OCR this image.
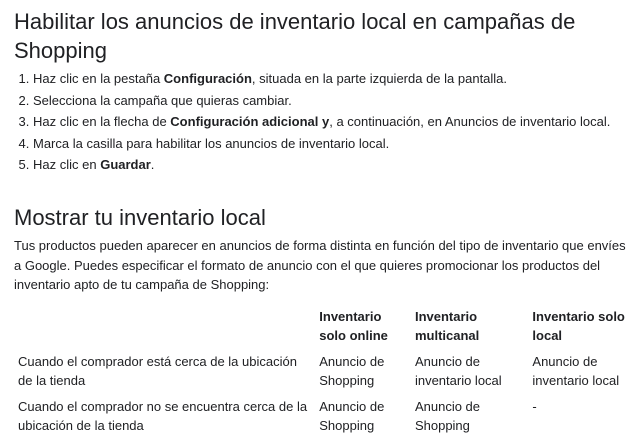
Habilitar los anuncios de inventario local en campañas de Shopping
1. Haz clic en la pestaña Configuración, situada en la parte izquierda de la pantalla.
2. Selecciona la campaña que quieras cambiar.
3. Haz clic en la flecha de Configuración adicional y, a continuación, en Anuncios de inventario local.
4. Marca la casilla para habilitar los anuncios de inventario local.
5. Haz clic en Guardar.
Mostrar tu inventario local

Tus productos pueden aparecer en anuncios de forma distinta en función del tipo de inventario que envíes a Google. Puedes especificar el formato de anuncio con el que quieres promocionar los productos del inventario apto de tu campaña de Shopping:

	Inventario solo online	Inventario multicanal	Inventario solo local
Cuando el comprador está cerca de la ubicación de la tienda	Anuncio de Shopping	Anuncio de inventario local	Anuncio de inventario local
Cuando el comprador no se encuentra cerca de la ubicación de la tienda	Anuncio de Shopping	Anuncio de Shopping	-
